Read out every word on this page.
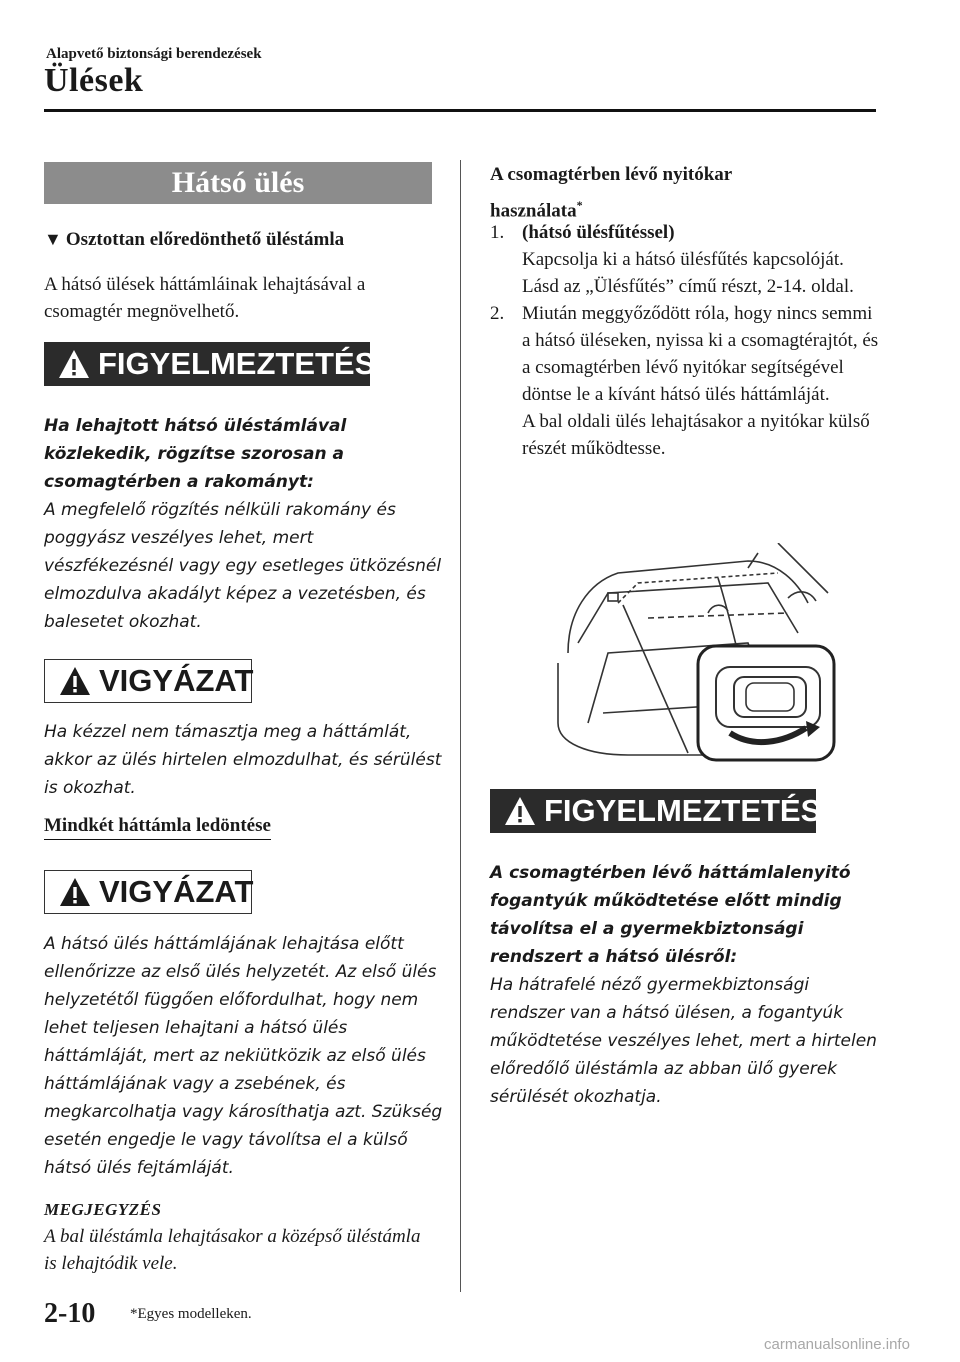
Alapvető biztonsági berendezések
Ülések
Hátsó ülés
▼ Osztottan előredönthető üléstámla
A hátsó ülések háttámláinak lehajtásával a csomagtér megnövelhető.
FIGYELMEZTETÉS
Ha lehajtott hátsó üléstámlával közlekedik, rögzítse szorosan a csomagtérben a rakományt:
A megfelelő rögzítés nélküli rakomány és poggyász veszélyes lehet, mert vészfékezésnél vagy egy esetleges ütközésnél elmozdulva akadályt képez a vezetésben, és balesetet okozhat.
VIGYÁZAT
Ha kézzel nem támasztja meg a háttámlát, akkor az ülés hirtelen elmozdulhat, és sérülést is okozhat.
Mindkét háttámla ledöntése
VIGYÁZAT
A hátsó ülés háttámlájának lehajtása előtt ellenőrizze az első ülés helyzetét. Az első ülés helyzetétől függően előfordulhat, hogy nem lehet teljesen lehajtani a hátsó ülés háttámláját, mert az nekiütközik az első ülés háttámlájának vagy a zsebének, és megkarcolhatja vagy károsíthatja azt. Szükség esetén engedje le vagy távolítsa el a külső hátsó ülés fejtámláját.
MEGJEGYZÉS
A bal üléstámla lehajtásakor a középső üléstámla is lehajtódik vele.
A csomagtérben lévő nyitókar
használata*
1. (hátsó ülésfűtéssel)
Kapcsolja ki a hátsó ülésfűtés kapcsolóját.
Lásd az „Ülésfűtés” című részt, 2-14. oldal.
2. Miután meggyőződött róla, hogy nincs semmi a hátsó üléseken, nyissa ki a csomagtérajtót, és a csomagtérben lévő nyitókar segítségével döntse le a kívánt hátsó ülés háttámláját.
A bal oldali ülés lehajtásakor a nyitókar külső részét működtesse.
FIGYELMEZTETÉS
A csomagtérben lévő háttámlalenyitó fogantyúk működtetése előtt mindig távolítsa el a gyermekbiztonsági rendszert a hátsó ülésről:
Ha hátrafelé néző gyermekbiztonsági rendszer van a hátsó ülésen, a fogantyúk működtetése veszélyes lehet, mert a hirtelen előredőlő üléstámla az abban ülő gyerek sérülését okozhatja.
2-10 *Egyes modelleken.
carmanualsonline.info
